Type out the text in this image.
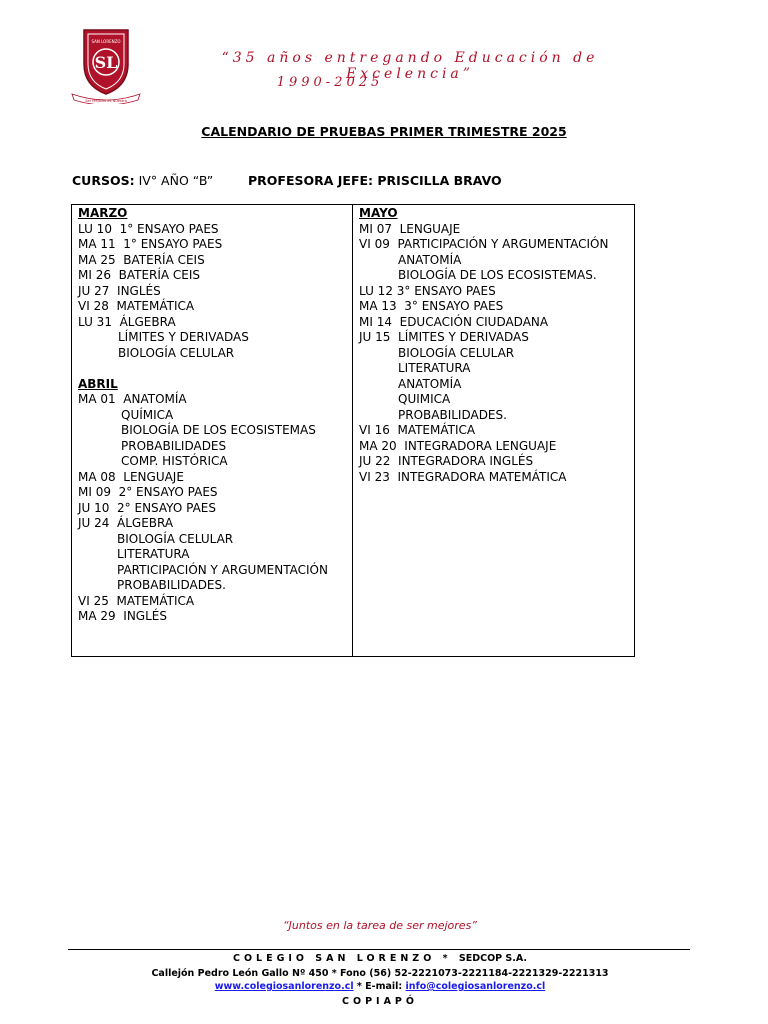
SL
SAN LORENZO
Ser Mejores es Nuestra
“35 años entregando Educación de Excelencia”
1990-2025
CALENDARIO DE PRUEBAS PRIMER TRIMESTRE 2025
CURSOS: IV° AÑO “B”	PROFESORA JEFE: PRISCILLA BRAVO
MARZO
LU 10  1° ENSAYO PAES
MA 11  1° ENSAYO PAES
MA 25  BATERÍA CEIS
MI 26  BATERÍA CEIS
JU 27  INGLÉS
VI 28  MATEMÁTICA
LU 31  ÁLGEBRA
LÍMITES Y DERIVADAS
BIOLOGÍA CELULAR
ABRIL
MA 01  ANATOMÍA
QUÍMICA
BIOLOGÍA DE LOS ECOSISTEMAS
PROBABILIDADES
COMP. HISTÓRICA
MA 08  LENGUAJE
MI 09  2° ENSAYO PAES
JU 10  2° ENSAYO PAES
JU 24  ÁLGEBRA
BIOLOGÍA CELULAR
LITERATURA
PARTICIPACIÓN Y ARGUMENTACIÓN
PROBABILIDADES.
VI 25  MATEMÁTICA
MA 29  INGLÉS
MAYO
MI 07  LENGUAJE
VI 09  PARTICIPACIÓN Y ARGUMENTACIÓN
ANATOMÍA
BIOLOGÍA DE LOS ECOSISTEMAS.
LU 12 3° ENSAYO PAES
MA 13  3° ENSAYO PAES
MI 14  EDUCACIÓN CIUDADANA
JU 15  LÍMITES Y DERIVADAS
BIOLOGÍA CELULAR
LITERATURA
ANATOMÍA
QUIMICA
PROBABILIDADES.
VI 16  MATEMÁTICA
MA 20  INTEGRADORA LENGUAJE
JU 22  INTEGRADORA INGLÉS
VI 23  INTEGRADORA MATEMÁTICA
“Juntos en la tarea de ser mejores”
COLEGIO SAN LORENZO * SEDCOP S.A.
Callejón Pedro León Gallo Nº 450 * Fono (56) 52-2221073-2221184-2221329-2221313
www.colegiosanlorenzo.cl * E-mail: info@colegiosanlorenzo.cl
COPIAPÓ
